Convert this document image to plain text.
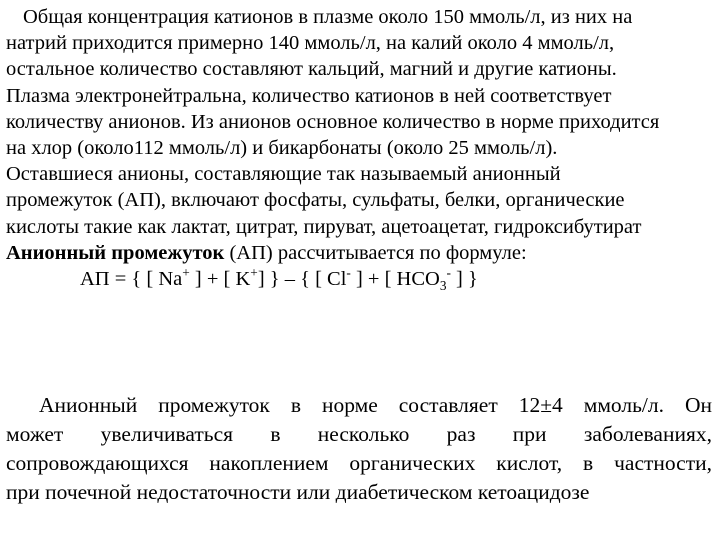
Общая концентрация катионов в плазме около 150 ммоль/л, из них на
натрий приходится примерно 140 ммоль/л, на калий около 4 ммоль/л,
остальное количество составляют кальций, магний и другие катионы.
Плазма электронейтральна, количество катионов в ней соответствует
количеству анионов. Из анионов основное количество в норме приходится
на хлор (около112 ммоль/л) и бикарбонаты (около 25 ммоль/л).
Оставшиеся анионы, составляющие так называемый анионный
промежуток (АП), включают фосфаты, сульфаты, белки, органические
кислоты такие как лактат, цитрат, пируват, ацетоацетат, гидроксибутират
Анионный промежуток (АП) рассчитывается по формуле:
АП = { [ Na+ ] + [ K+] } – { [ Cl- ] + [ $HCO_3^-$ ] }
Анионный промежуток в норме составляет 12±4 ммоль/л. Он
может увеличиваться в несколько раз при заболеваниях,
сопровождающихся накоплением органических кислот, в частности,
при почечной недостаточности или диабетическом кетоацидозе
